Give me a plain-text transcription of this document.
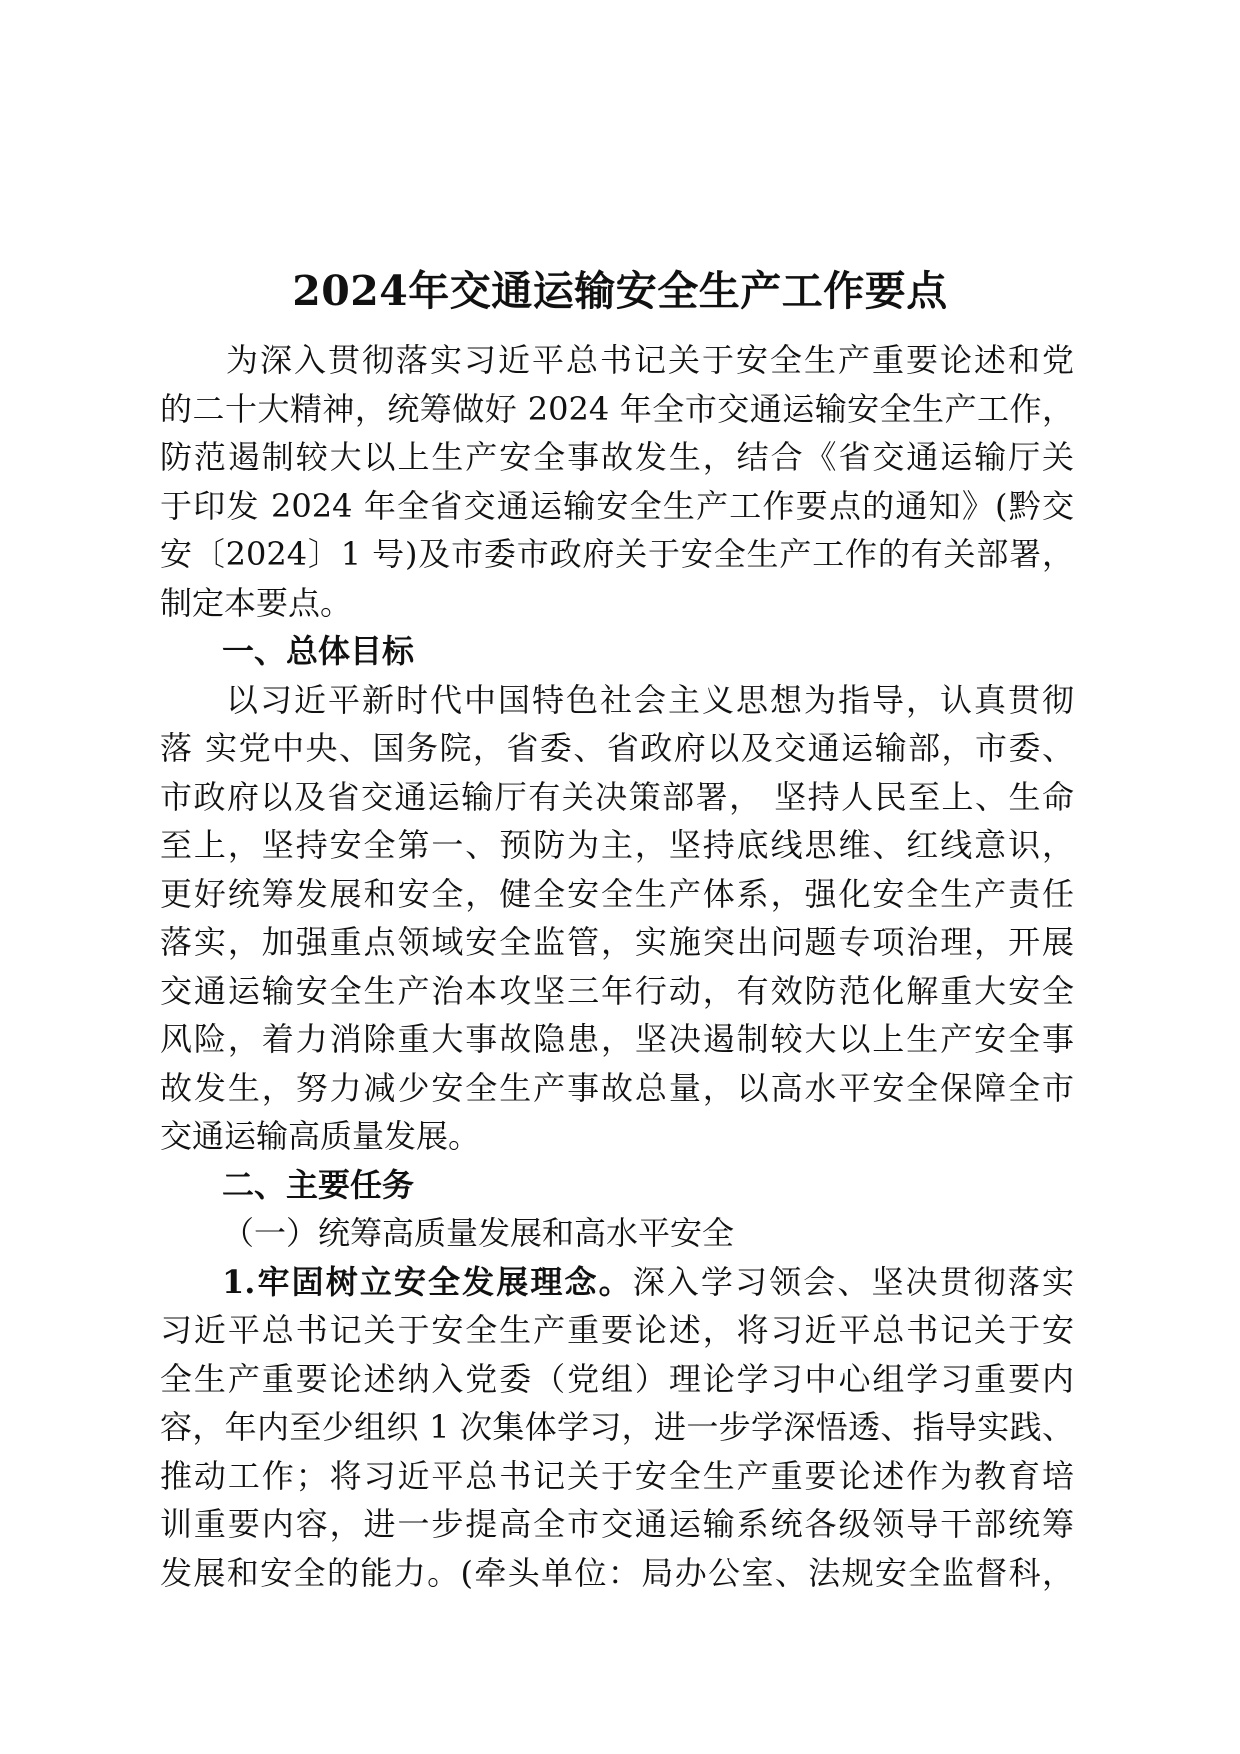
2024年交通运输安全生产工作要点
为深入贯彻落实习近平总书记关于安全生产重要论述和党
的二十大精神，统筹做好 2024 年全市交通运输安全生产工作，
防范遏制较大以上生产安全事故发生，结合《省交通运输厅关
于印发 2024 年全省交通运输安全生产工作要点的通知》(黔交
安〔2024〕1 号)及市委市政府关于安全生产工作的有关部署，
制定本要点。
一、总体目标
以习近平新时代中国特色社会主义思想为指导，认真贯彻
落 实党中央、国务院，省委、省政府以及交通运输部，市委、
市政府以及省交通运输厅有关决策部署， 坚持人民至上、生命
至上，坚持安全第一、预防为主，坚持底线思维、红线意识，
更好统筹发展和安全，健全安全生产体系，强化安全生产责任
落实，加强重点领域安全监管，实施突出问题专项治理，开展
交通运输安全生产治本攻坚三年行动，有效防范化解重大安全
风险，着力消除重大事故隐患，坚决遏制较大以上生产安全事
故发生，努力减少安全生产事故总量，以高水平安全保障全市
交通运输高质量发展。
二、主要任务
（一）统筹高质量发展和高水平安全
1.牢固树立安全发展理念。深入学习领会、坚决贯彻落实
习近平总书记关于安全生产重要论述，将习近平总书记关于安
全生产重要论述纳入党委（党组）理论学习中心组学习重要内
容，年内至少组织 1 次集体学习，进一步学深悟透、指导实践、
推动工作；将习近平总书记关于安全生产重要论述作为教育培
训重要内容，进一步提高全市交通运输系统各级领导干部统筹
发展和安全的能力。(牵头单位：局办公室、法规安全监督科，
